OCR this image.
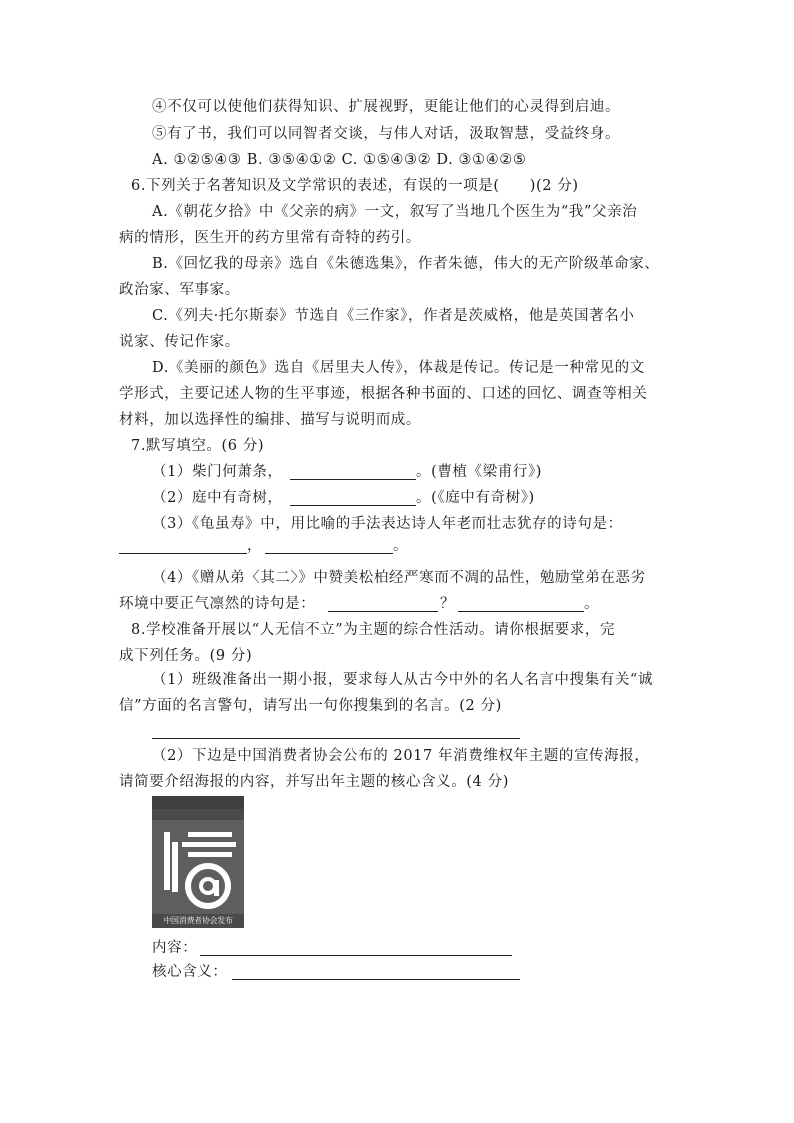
④不仅可以使他们获得知识、扩展视野，更能让他们的心灵得到启迪。
⑤有了书，我们可以同智者交谈，与伟人对话，汲取智慧，受益终身。
A. ①②⑤④③ B. ③⑤④①② C. ①⑤④③② D. ③①④②⑤
6.下列关于名著知识及文学常识的表述，有误的一项是(　　)(2 分)
A.《朝花夕拾》中《父亲的病》一文，叙写了当地几个医生为“我”父亲治
病的情形，医生开的药方里常有奇特的药引。
B.《回忆我的母亲》选自《朱德选集》，作者朱德，伟大的无产阶级革命家、
政治家、军事家。
C.《列夫·托尔斯泰》节选自《三作家》，作者是茨威格，他是英国著名小
说家、传记作家。
D.《美丽的颜色》选自《居里夫人传》，体裁是传记。传记是一种常见的文
学形式，主要记述人物的生平事迹，根据各种书面的、口述的回忆、调查等相关
材料，加以选择性的编排、描写与说明而成。
7.默写填空。(6 分)
（1）柴门何萧条，	。(曹植《梁甫行》)
（2）庭中有奇树，	。(《庭中有奇树》)
（3）《龟虽寿》中，用比喻的手法表达诗人年老而壮志犹存的诗句是：
，	。
（4）《赠从弟〈其二〉》中赞美松柏经严寒而不凋的品性，勉励堂弟在恶劣
环境中要正气凛然的诗句是：	？	。
8.学校准备开展以“人无信不立”为主题的综合性活动。请你根据要求，完
成下列任务。(9 分)
（1）班级准备出一期小报，要求每人从古今中外的名人名言中搜集有关“诚
信”方面的名言警句，请写出一句你搜集到的名言。(2 分)
（2）下边是中国消费者协会公布的 2017 年消费维权年主题的宣传海报，
请简要介绍海报的内容，并写出年主题的核心含义。(4 分)
中国消费者协会发布
内容：
核心含义：
